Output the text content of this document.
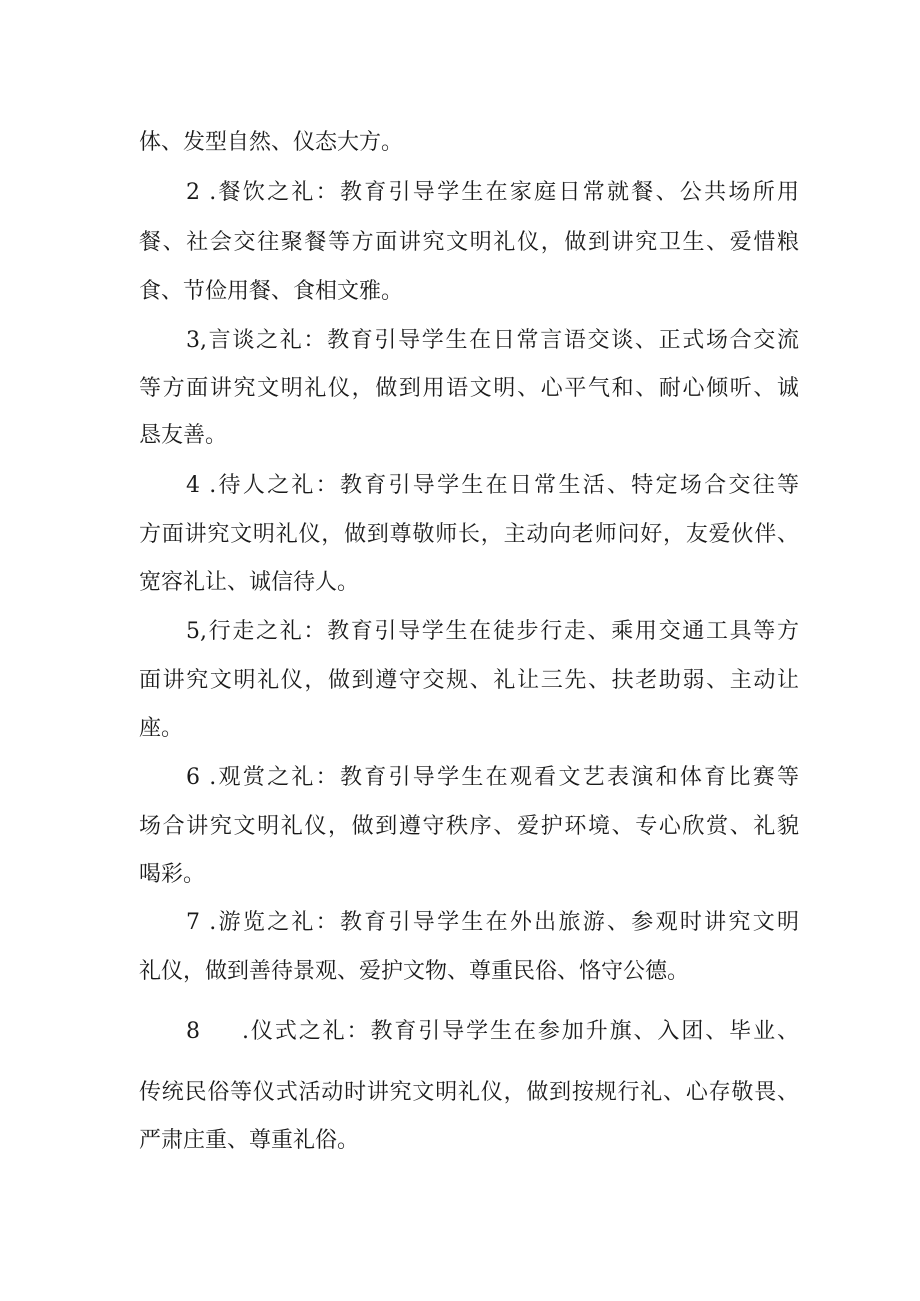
体、发型自然、仪态大方。
2 .餐饮之礼：教育引导学生在家庭日常就餐、公共场所用
餐、社会交往聚餐等方面讲究文明礼仪，做到讲究卫生、爱惜粮
食、节俭用餐、食相文雅。
3,言谈之礼：教育引导学生在日常言语交谈、正式场合交流
等方面讲究文明礼仪，做到用语文明、心平气和、耐心倾听、诚
恳友善。
4 .待人之礼：教育引导学生在日常生活、特定场合交往等
方面讲究文明礼仪，做到尊敬师长，主动向老师问好，友爱伙伴、
宽容礼让、诚信待人。
5,行走之礼：教育引导学生在徒步行走、乘用交通工具等方
面讲究文明礼仪，做到遵守交规、礼让三先、扶老助弱、主动让
座。
6 .观赏之礼：教育引导学生在观看文艺表演和体育比赛等
场合讲究文明礼仪，做到遵守秩序、爱护环境、专心欣赏、礼貌
喝彩。
7 .游览之礼：教育引导学生在外出旅游、参观时讲究文明
礼仪，做到善待景观、爱护文物、尊重民俗、恪守公德。
8	.仪式之礼：教育引导学生在参加升旗、入团、毕业、
传统民俗等仪式活动时讲究文明礼仪，做到按规行礼、心存敬畏、
严肃庄重、尊重礼俗。
